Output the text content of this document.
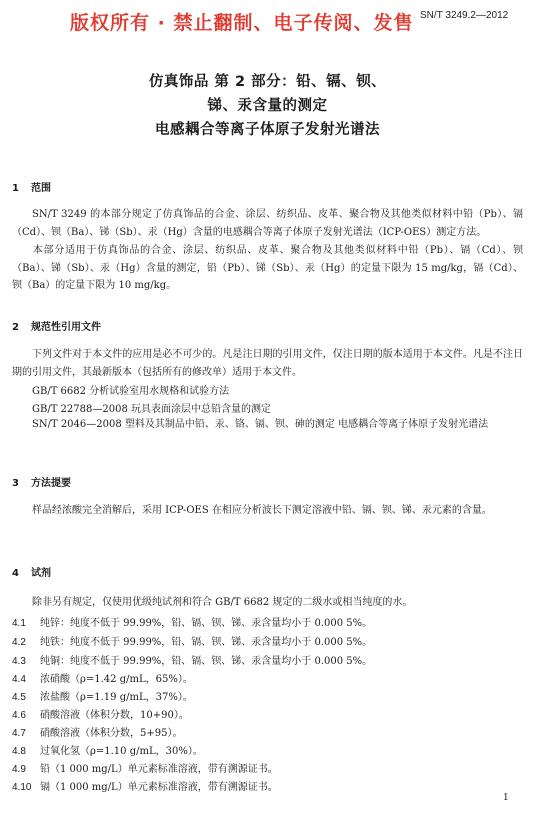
版权所有 · 禁止翻制、电子传阅、发售 SN/T 3249.2—2012
仿真饰品 第 2 部分：铅、镉、钡、
锑、汞含量的测定
电感耦合等离子体原子发射光谱法
1 范围
SN/T 3249 的本部分规定了仿真饰品的合金、涂层、纺织品、皮革、聚合物及其他类似材料中铅（Pb）、镉（Cd）、钡（Ba）、锑（Sb）、汞（Hg）含量的电感耦合等离子体原子发射光谱法（ICP-OES）测定方法。
本部分适用于仿真饰品的合金、涂层、纺织品、皮革、聚合物及其他类似材料中铅（Pb）、镉（Cd）、钡（Ba）、锑（Sb）、汞（Hg）含量的测定，铅（Pb）、锑（Sb）、汞（Hg）的定量下限为 15 mg/kg，镉（Cd）、钡（Ba）的定量下限为 10 mg/kg。
2 规范性引用文件
下列文件对于本文件的应用是必不可少的。凡是注日期的引用文件，仅注日期的版本适用于本文件。凡是不注日期的引用文件，其最新版本（包括所有的修改单）适用于本文件。
GB/T 6682 分析试验室用水规格和试验方法
GB/T 22788—2008 玩具表面涂层中总铅含量的测定
SN/T 2046—2008 塑料及其制品中铅、汞、铬、镉、钡、砷的测定 电感耦合等离子体原子发射光谱法
3 方法提要
样品经浓酸完全消解后，采用 ICP-OES 在相应分析波长下测定溶液中铅、镉、钡、锑、汞元素的含量。
4 试剂
除非另有规定，仅使用优级纯试剂和符合 GB/T 6682 规定的二级水或相当纯度的水。
4.1 纯锌：纯度不低于 99.99%，铅、镉、钡、锑、汞含量均小于 0.000 5%。
4.2 纯铁：纯度不低于 99.99%，铅、镉、钡、锑、汞含量均小于 0.000 5%。
4.3 纯铜：纯度不低于 99.99%，铅、镉、钡、锑、汞含量均小于 0.000 5%。
4.4 浓硝酸（ρ=1.42 g/mL，65%）。
4.5 浓盐酸（ρ=1.19 g/mL，37%）。
4.6 硝酸溶液（体积分数，10+90）。
4.7 硝酸溶液（体积分数，5+95）。
4.8 过氧化氢（ρ=1.10 g/mL，30%）。
4.9 铅（1 000 mg/L）单元素标准溶液，带有溯源证书。
4.10 镉（1 000 mg/L）单元素标准溶液，带有溯源证书。
1
